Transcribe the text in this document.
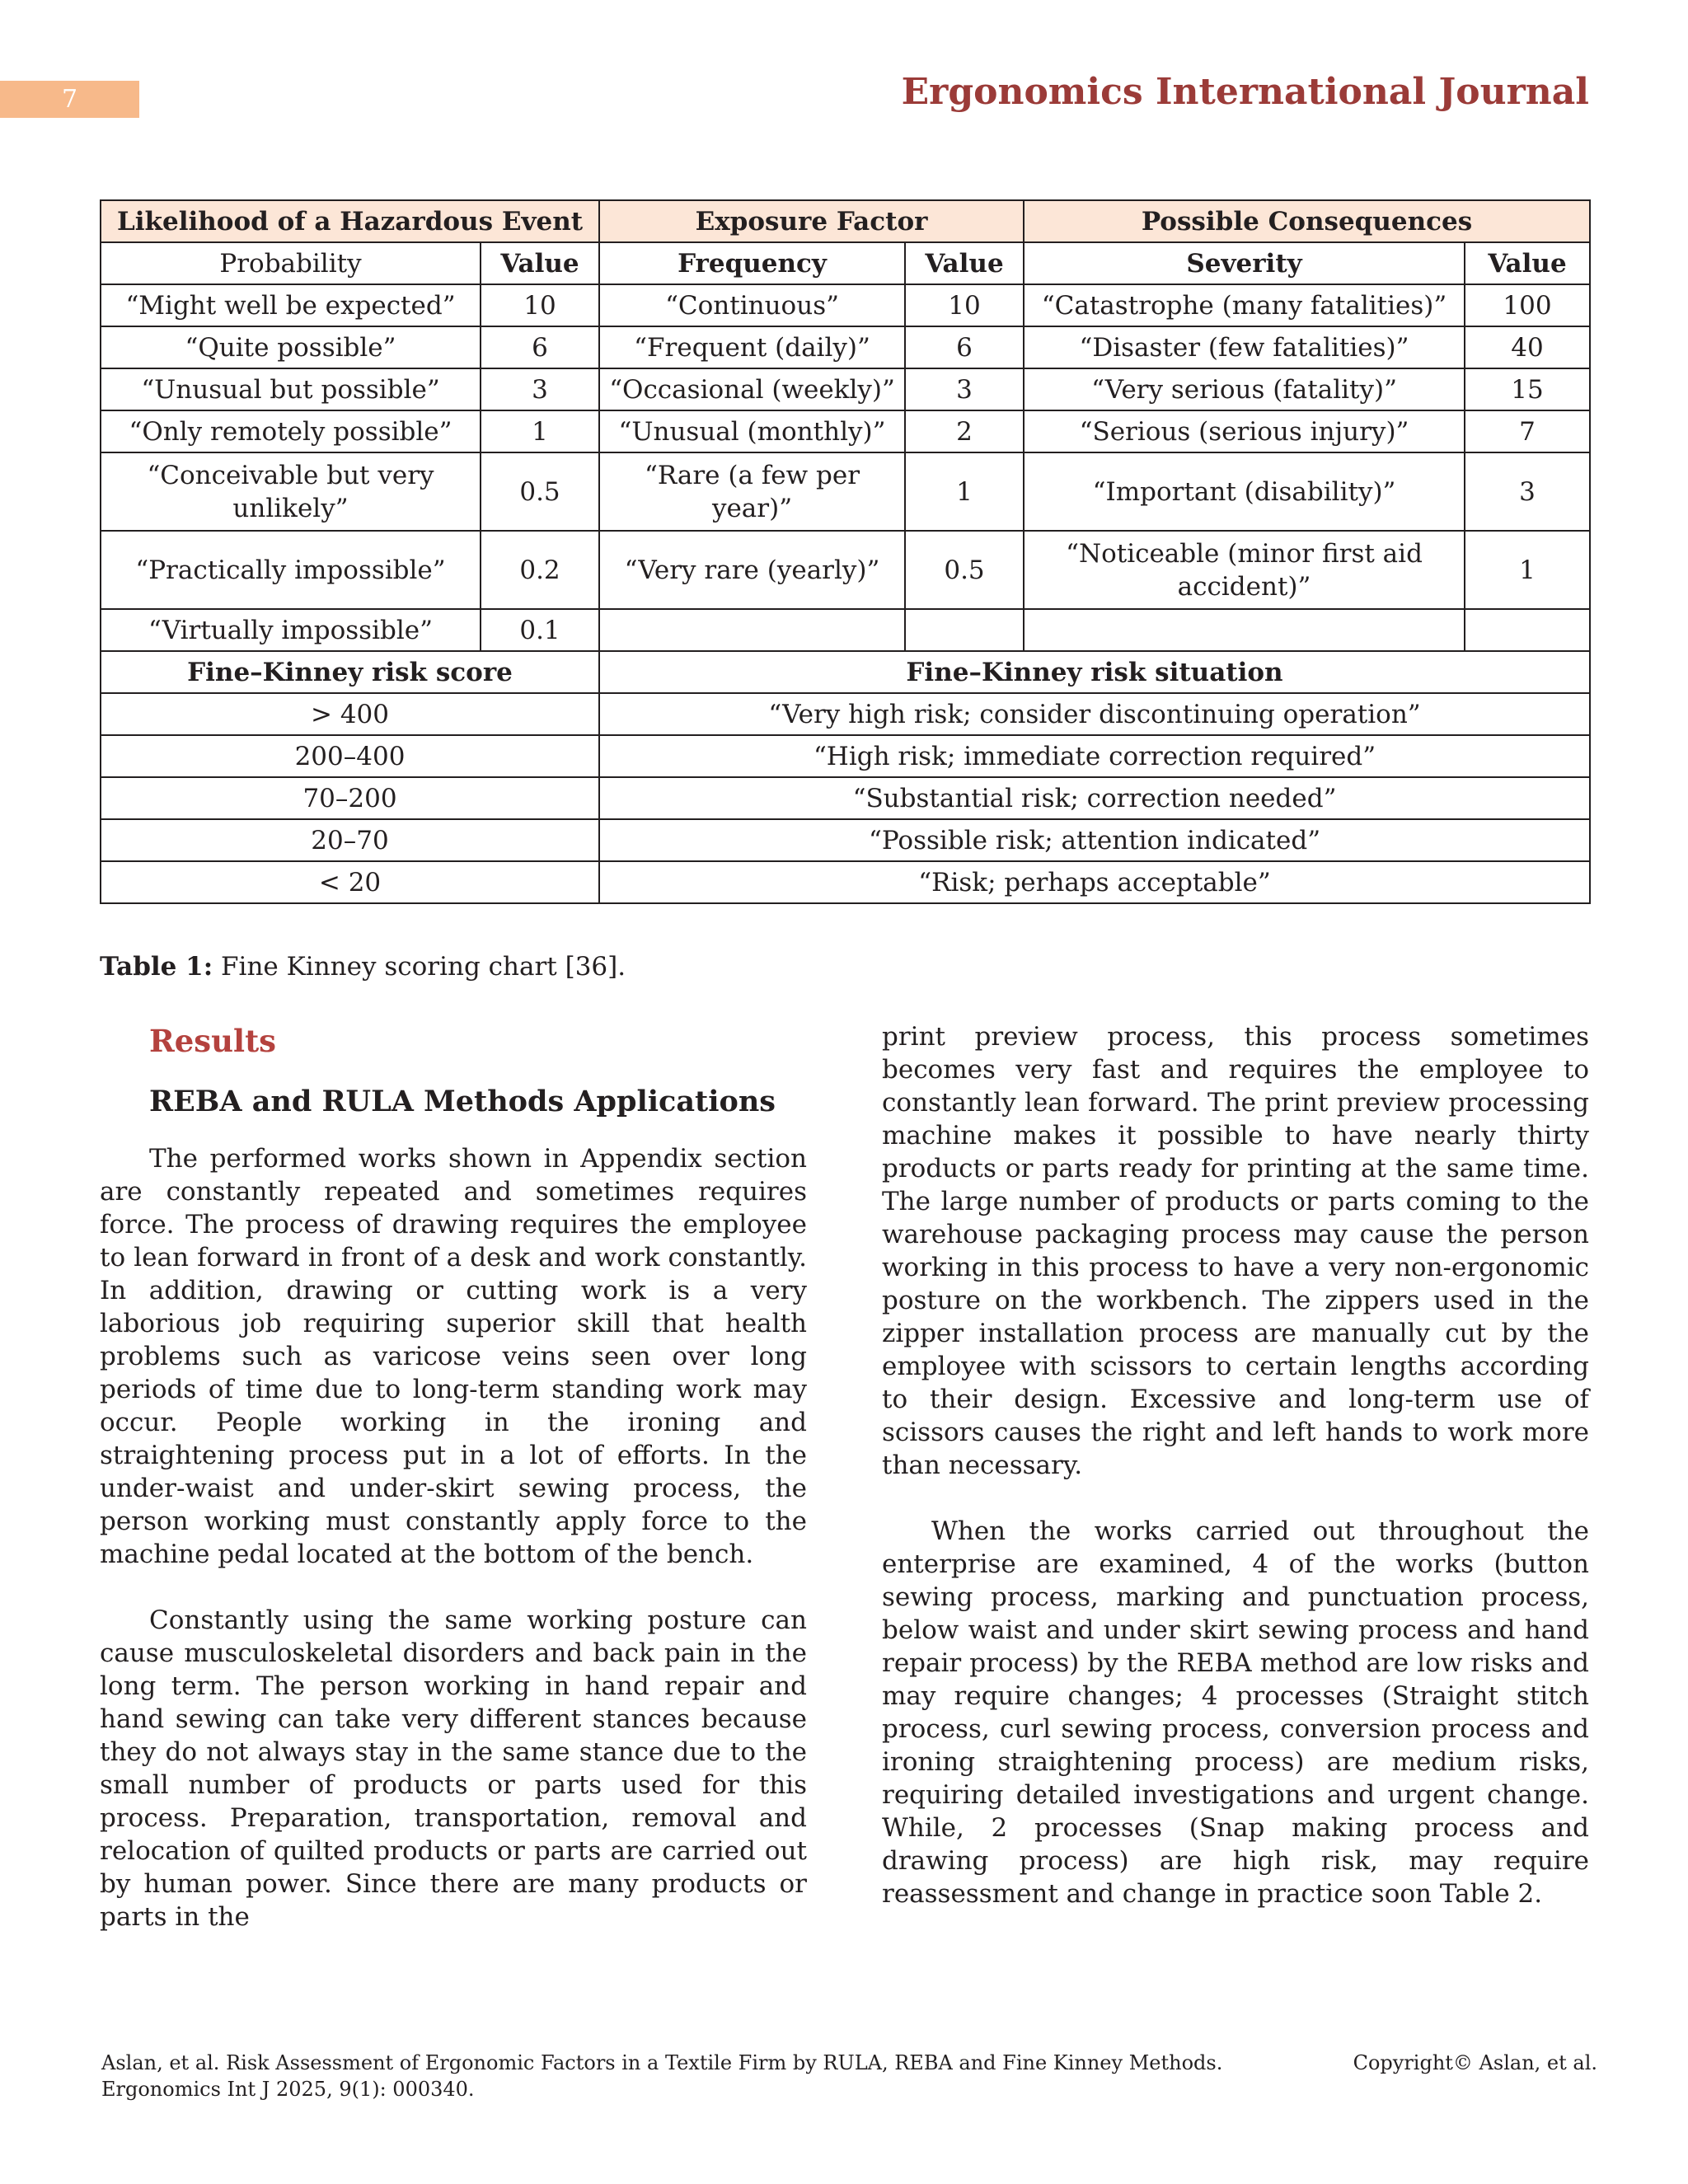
7	Ergonomics International Journal
Likelihood of a Hazardous Event		Exposure Factor		Possible Consequences	
Probability	Value	Frequency	Value	Severity	Value
“Might well be expected”	10	“Continuous”	10	“Catastrophe (many fatalities)”	100
“Quite possible”	6	“Frequent (daily)”	6	“Disaster (few fatalities)”	40
“Unusual but possible”	3	“Occasional (weekly)”	3	“Very serious (fatality)”	15
“Only remotely possible”	1	“Unusual (monthly)”	2	“Serious (serious injury)”	7
“Conceivable but very unlikely”	0.5	“Rare (a few per year)”	1	“Important (disability)”	3
“Practically impossible”	0.2	“Very rare (yearly)”	0.5	“Noticeable (minor first aid accident)”	1
“Virtually impossible”	0.1				
Fine–Kinney risk score		Fine–Kinney risk situation			
> 400		“Very high risk; consider discontinuing operation”			
200–400		“High risk; immediate correction required”			
70–200		“Substantial risk; correction needed”			
20–70		“Possible risk; attention indicated”			
< 20		“Risk; perhaps acceptable”			
Table 1: Fine Kinney scoring chart [36].
Results
REBA and RULA Methods Applications

The performed works shown in Appendix section are constantly repeated and sometimes requires force. The process of drawing requires the employee to lean forward in front of a desk and work constantly. In addition, drawing or cutting work is a very laborious job requiring superior skill that health problems such as varicose veins seen over long periods of time due to long-term standing work may occur. People working in the ironing and straightening process put in a lot of efforts. In the under-waist and under-skirt sewing process, the person working must constantly apply force to the machine pedal located at the bottom of the bench.

Constantly using the same working posture can cause musculoskeletal disorders and back pain in the long term. The person working in hand repair and hand sewing can take very different stances because they do not always stay in the same stance due to the small number of products or parts used for this process. Preparation, transportation, removal and relocation of quilted products or parts are carried out by human power. Since there are many products or parts in the

print preview process, this process sometimes becomes very fast and requires the employee to constantly lean forward. The print preview processing machine makes it possible to have nearly thirty products or parts ready for printing at the same time. The large number of products or parts coming to the warehouse packaging process may cause the person working in this process to have a very non-ergonomic posture on the workbench. The zippers used in the zipper installation process are manually cut by the employee with scissors to certain lengths according to their design. Excessive and long-term use of scissors causes the right and left hands to work more than necessary.

When the works carried out throughout the enterprise are examined, 4 of the works (button sewing process, marking and punctuation process, below waist and under skirt sewing process and hand repair process) by the REBA method are low risks and may require changes; 4 processes (Straight stitch process, curl sewing process, conversion process and ironing straightening process) are medium risks, requiring detailed investigations and urgent change. While, 2 processes (Snap making process and drawing process) are high risk, may require reassessment and change in practice soon Table 2.

Aslan, et al. Risk Assessment of Ergonomic Factors in a Textile Firm by RULA, REBA and Fine Kinney Methods.
Ergonomics Int J 2025, 9(1): 000340.
Copyright© Aslan, et al.
